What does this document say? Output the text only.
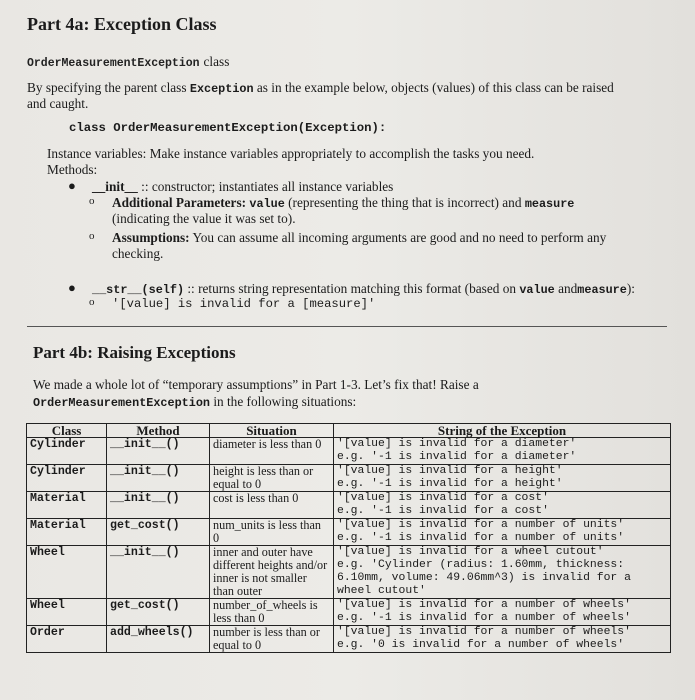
Part 4a: Exception Class
OrderMeasurementException class
By specifying the parent class Exception as in the example below, objects (values) of this class can be raised
and caught.
class OrderMeasurementException(Exception):
Instance variables: Make instance variables appropriately to accomplish the tasks you need.
Methods:
● __init__ :: constructor; instantiates all instance variables
o Additional Parameters: value (representing the thing that is incorrect) and measure
(indicating the value it was set to).
o Assumptions: You can assume all incoming arguments are good and no need to perform any
checking.
● __str__(self) :: returns string representation matching this format (based on value andmeasure):
o '[value] is invalid for a [measure]'
Part 4b: Raising Exceptions
We made a whole lot of “temporary assumptions” in Part 1-3. Let’s fix that! Raise a
OrderMeasurementException in the following situations:
Class	Method	Situation	String of the Exception
Cylinder	__init__()	diameter is less than 0	'[value] is invalid for a diameter'
e.g. '-1 is invalid for a diameter'

Cylinder	__init__()	height is less than or equal to 0	'[value] is invalid for a height'
e.g. '-1 is invalid for a height'

Material	__init__()	cost is less than 0	'[value] is invalid for a cost'
e.g. '-1 is invalid for a cost'

Material	get_cost()	num_units is less than 0	'[value] is invalid for a number of units'
e.g. '-1 is invalid for a number of units'

Wheel	__init__()	inner and outer have different heights and/or inner is not smaller than outer	'[value] is invalid for a wheel cutout'
e.g. 'Cylinder (radius: 1.60mm, thickness: 6.10mm, volume: 49.06mm^3) is invalid for a wheel cutout'

Wheel	get_cost()	number_of_wheels is less than 0	'[value] is invalid for a number of wheels'
e.g. '-1 is invalid for a number of wheels'

Order	add_wheels()	number is less than or equal to 0	'[value] is invalid for a number of wheels'
e.g. '0 is invalid for a number of wheels'
